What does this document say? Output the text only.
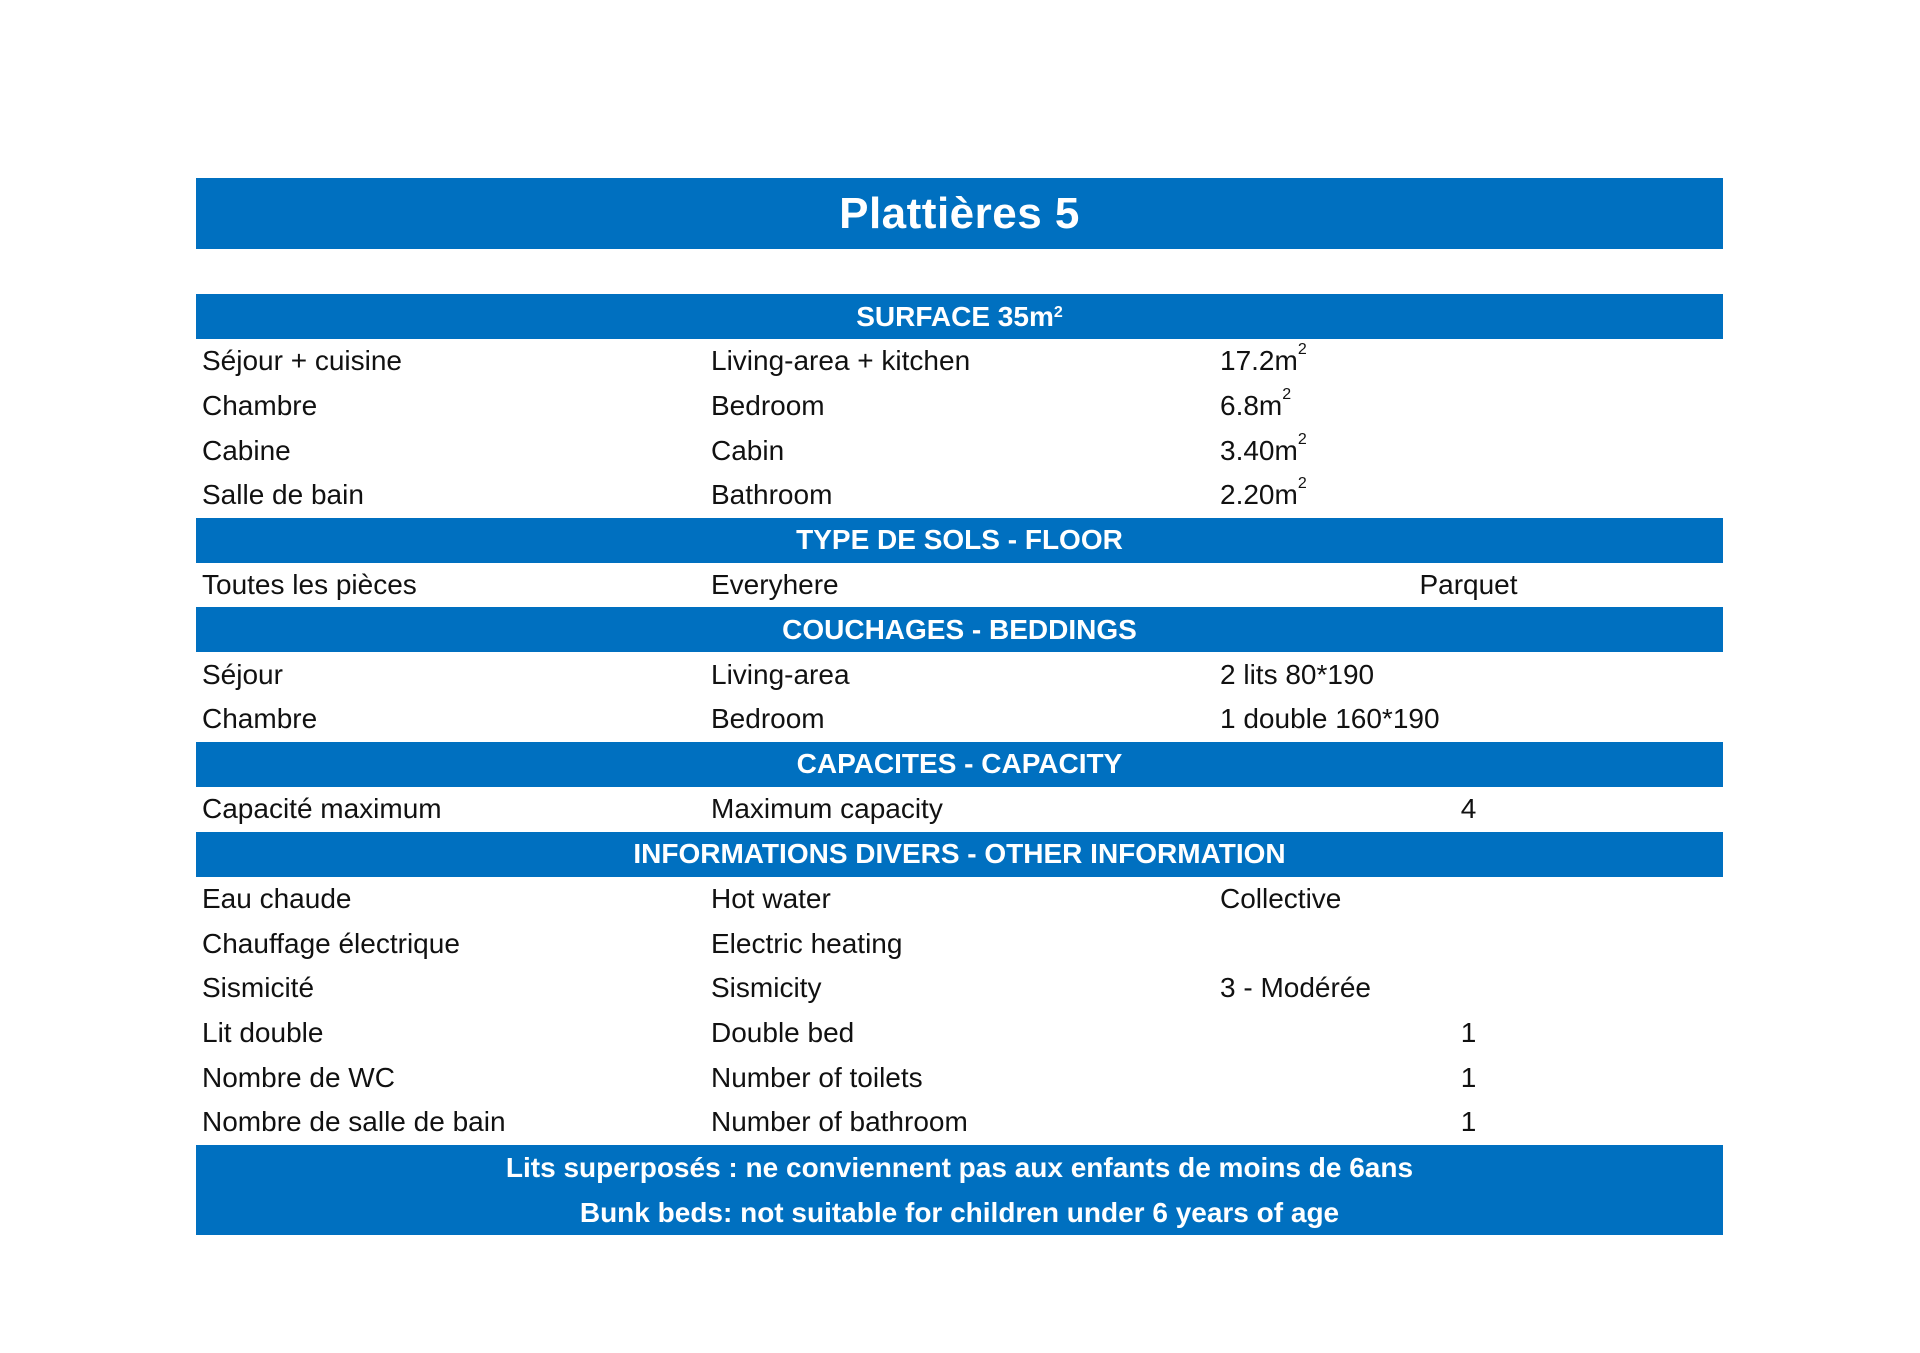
Plattières 5
SURFACE $35m^2$
Séjour + cuisine	Living-area + kitchen	$17.2m^2$
Chambre	Bedroom	$6.8m^2$
Cabine	Cabin	$3.40m^2$
Salle de bain	Bathroom	$2.20m^2$
TYPE DE SOLS - FLOOR
Toutes les pièces	Everyhere	Parquet
COUCHAGES - BEDDINGS
Séjour	Living-area	2 lits 80*190
Chambre	Bedroom	1 double 160*190
CAPACITES - CAPACITY
Capacité maximum	Maximum capacity	4
INFORMATIONS DIVERS - OTHER INFORMATION
Eau chaude	Hot water	Collective
Chauffage électrique	Electric heating
Sismicité	Sismicity	3 - Modérée
Lit double	Double bed	1
Nombre de WC	Number of toilets	1
Nombre de salle de bain	Number of bathroom	1
Lits superposés : ne conviennent pas aux enfants de moins de 6ans
Bunk beds: not suitable for children under 6 years of age
